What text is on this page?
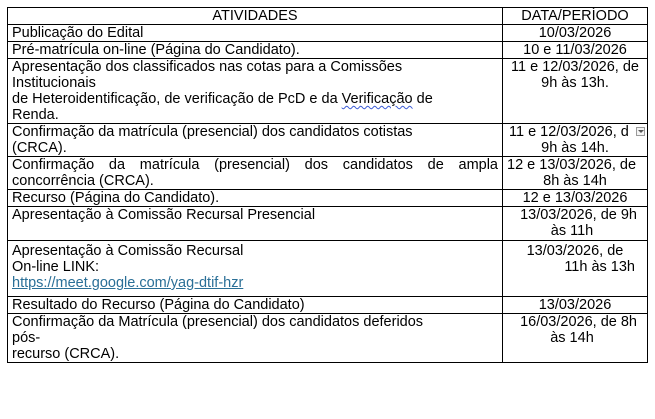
ATIVIDADES	DATA/PERÍODO

Publicação do Edital	10/03/2026

Pré-matrícula on-line (Página do Candidato).	10 e 11/03/2026

Apresentação dos classificados nas cotas para a Comissões
Institucionais
de Heteroidentificação, de verificação de PcD e da Verificação de
Renda.	11 e 12/03/2026, de
9h às 13h.

Confirmação da matrícula (presencial) dos candidatos cotistas
(CRCA).	11 e 12/03/2026, d
9h às 14h.

Confirmação da matrícula (presencial) dos candidatos de ampla
concorrência (CRCA).	12 e 13/03/2026, de
8h às 14h

Recurso (Página do Candidato).	12 e 13/03/2026

Apresentação à Comissão Recursal Presencial	13/03/2026, de 9h
às 11h

Apresentação à Comissão Recursal
On-line LINK:
https://meet.google.com/yag-dtif-hzr	13/03/2026, de
11h às 13h

Resultado do Recurso (Página do Candidato)	13/03/2026

Confirmação da Matrícula (presencial) dos candidatos deferidos
pós-
recurso (CRCA).	16/03/2026, de 8h
às 14h
